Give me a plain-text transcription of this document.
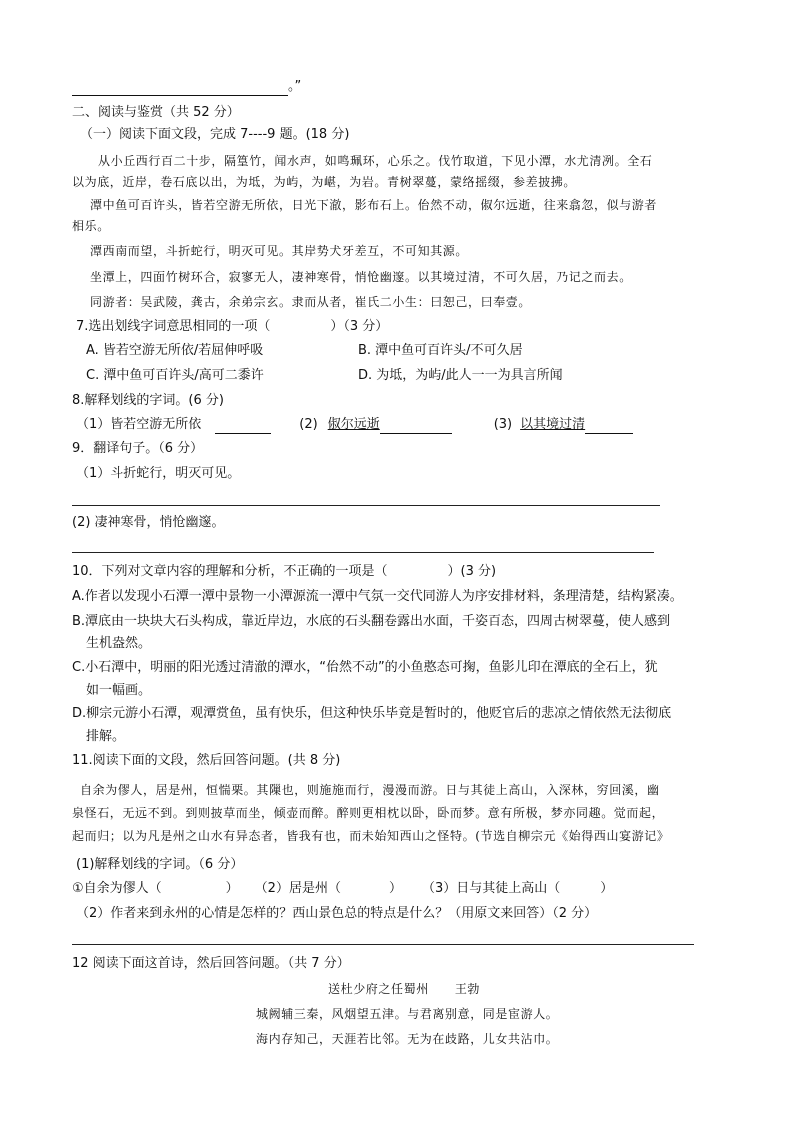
。”
二、阅读与鉴赏（共 52 分）
（一）阅读下面文段，完成 7----9 题。(18 分)
从小丘西行百二十步，隔篁竹，闻水声，如鸣珮环，心乐之。伐竹取道，下见小潭，水尤清冽。全石
以为底，近岸，卷石底以出，为坻，为屿，为嵁，为岩。青树翠蔓，蒙络摇缀，参差披拂。
潭中鱼可百许头，皆若空游无所依，日光下澈，影布石上。佁然不动，俶尔远逝，往来翕忽，似与游者
相乐。
潭西南而望，斗折蛇行，明灭可见。其岸势犬牙差互，不可知其源。
坐潭上，四面竹树环合，寂寥无人，凄神寒骨，悄怆幽邃。以其境过清，不可久居，乃记之而去。
同游者：吴武陵，龚古，余弟宗玄。隶而从者，崔氏二小生：曰恕己，曰奉壹。
7.选出划线字词意思相同的一项（	）（3 分）
A. 皆若空游无所依/若屈伸呼吸	B. 潭中鱼可百许头/不可久居
C. 潭中鱼可百许头/高可二黍许	D. 为坻，为屿/此人一一为具言所闻
8.解释划线的字词。(6 分)
（1）皆若空游无所依	(2) 俶尔远逝	(3) 以其境过清
9．翻译句子。（6 分）
（1）斗折蛇行，明灭可见。
(2) 凄神寒骨，悄怆幽邃。
10．下列对文章内容的理解和分析，不正确的一项是（	）(3 分)
A.作者以发现小石潭一潭中景物一小潭源流一潭中气氛一交代同游人为序安排材料，条理清楚，结构紧凑。
B.潭底由一块块大石头构成，靠近岸边，水底的石头翻卷露出水面，千姿百态，四周古树翠蔓，使人感到
生机盎然。
C.小石潭中，明丽的阳光透过清澈的潭水，“佁然不动”的小鱼憨态可掬，鱼影儿印在潭底的全石上，犹
如一幅画。
D.柳宗元游小石潭，观潭赏鱼，虽有快乐，但这种快乐毕竟是暂时的，他贬官后的悲凉之情依然无法彻底
排解。
11.阅读下面的文段，然后回答问题。(共 8 分)
自余为僇人，居是州，恒惴栗。其隟也，则施施而行，漫漫而游。日与其徒上高山，入深林，穷回溪，幽
泉怪石，无远不到。到则披草而坐，倾壶而醉。醉则更相枕以卧，卧而梦。意有所极，梦亦同趣。觉而起，
起而归；以为凡是州之山水有异态者，皆我有也，而未始知西山之怪特。(节选自柳宗元《始得西山宴游记》
(1)解释划线的字词。（6 分）
①自余为僇人（	） （2）居是州（	） （3）日与其徒上高山（	）
（2）作者来到永州的心情是怎样的？西山景色总的特点是什么？（用原文来回答）（2 分）
12 阅读下面这首诗，然后回答问题。（共 7 分）
送杜少府之任蜀州 王勃
城阙辅三秦，风烟望五津。与君离别意，同是宦游人。
海内存知己，天涯若比邻。无为在歧路，儿女共沾巾。
